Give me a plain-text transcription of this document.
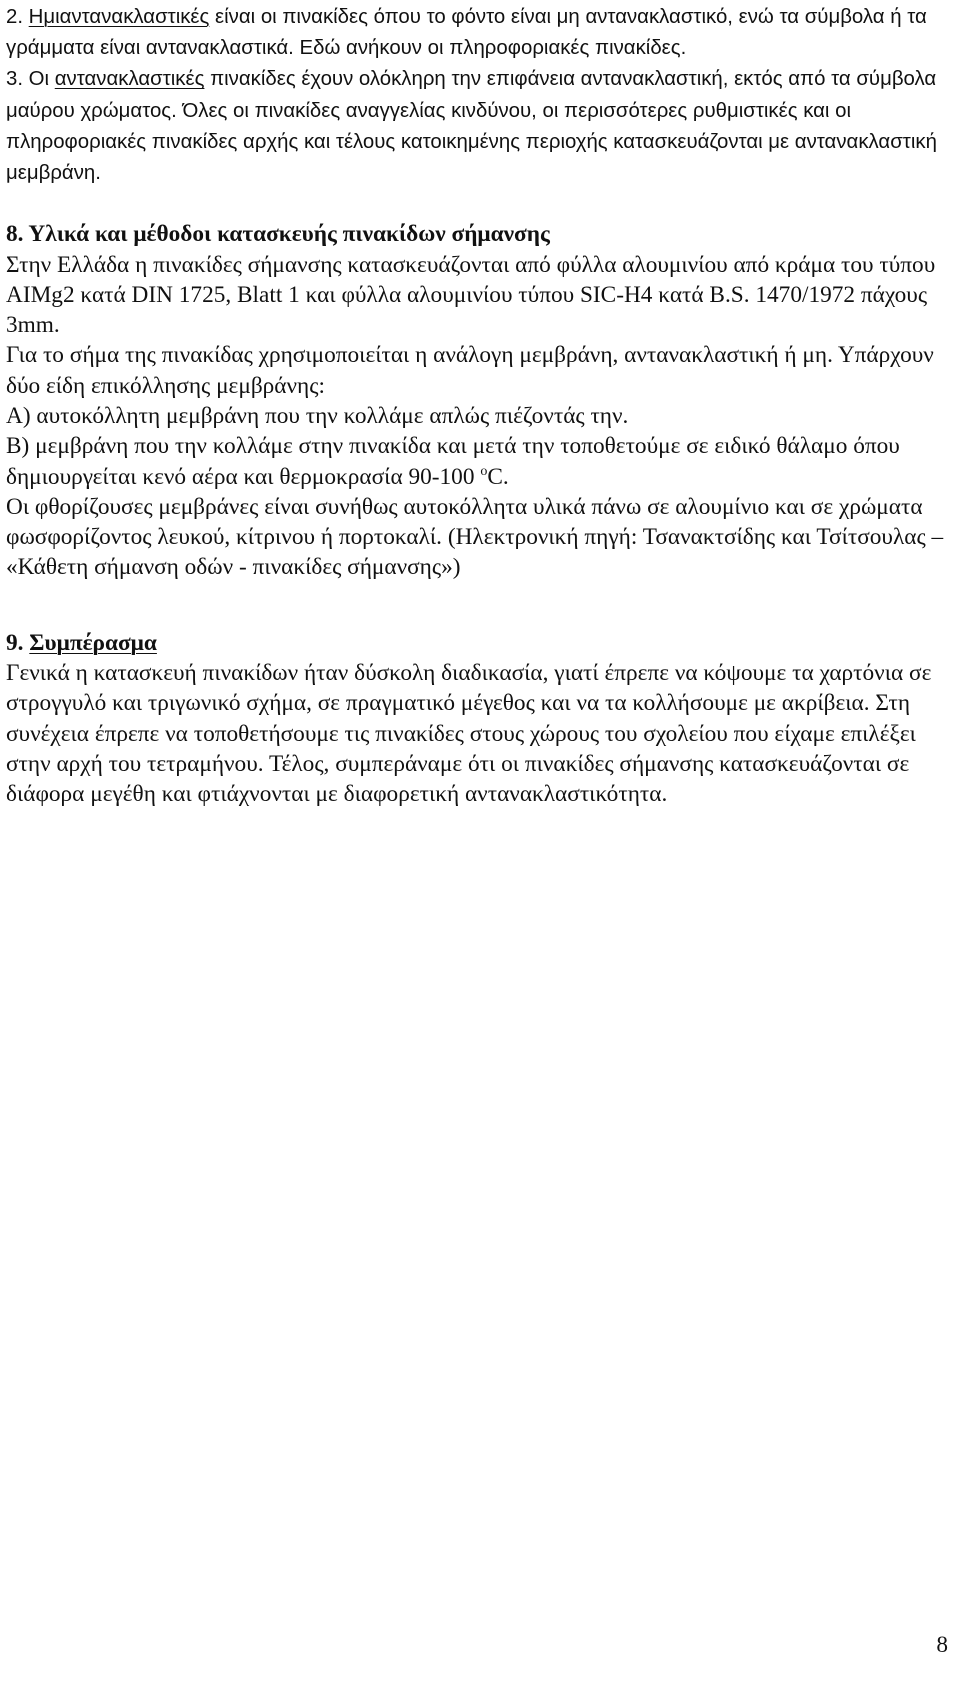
2. Ημιαντανακλαστικές είναι οι πινακίδες όπου το φόντο είναι μη αντανακλαστικό, ενώ τα σύμβολα ή τα γράμματα είναι αντανακλαστικά. Εδώ ανήκουν οι πληροφοριακές πινακίδες.

3. Οι αντανακλαστικές πινακίδες έχουν ολόκληρη την επιφάνεια αντανακλαστική, εκτός από τα σύμβολα μαύρου χρώματος. Όλες οι πινακίδες αναγγελίας κινδύνου, οι περισσότερες ρυθμιστικές και οι πληροφοριακές πινακίδες αρχής και τέλους κατοικημένης περιοχής κατασκευάζονται με αντανακλαστική μεμβράνη.

8. Υλικά και μέθοδοι κατασκευής πινακίδων σήμανσης

Στην Ελλάδα η πινακίδες σήμανσης κατασκευάζονται από φύλλα αλουμινίου από κράμα του τύπου AIMg2 κατά DIN 1725, Blatt 1 και φύλλα αλουμινίου τύπου SIC-H4 κατά B.S. 1470/1972 πάχους 3mm.

Για το σήμα της πινακίδας χρησιμοποιείται η ανάλογη μεμβράνη, αντανακλαστική ή μη. Υπάρχουν δύο είδη επικόλλησης μεμβράνης:

Α) αυτοκόλλητη μεμβράνη που την κολλάμε απλώς πιέζοντάς την.

Β) μεμβράνη που την κολλάμε στην πινακίδα και μετά την τοποθετούμε σε ειδικό θάλαμο όπου δημιουργείται κενό αέρα και θερμοκρασία 90-100 $^o$C.

Οι φθορίζουσες μεμβράνες είναι συνήθως αυτοκόλλητα υλικά πάνω σε αλουμίνιο και σε χρώματα φωσφορίζοντος λευκού, κίτρινου ή πορτοκαλί. (Ηλεκτρονική πηγή: Τσανακτσίδης και Τσίτσουλας – «Κάθετη σήμανση οδών - πινακίδες σήμανσης»)

9. Συμπέρασμα

Γενικά η κατασκευή πινακίδων ήταν δύσκολη διαδικασία, γιατί έπρεπε να κόψουμε τα χαρτόνια σε στρογγυλό και τριγωνικό σχήμα, σε πραγματικό μέγεθος και να τα κολλήσουμε με ακρίβεια. Στη συνέχεια έπρεπε να τοποθετήσουμε τις πινακίδες στους χώρους του σχολείου που είχαμε επιλέξει στην αρχή του τετραμήνου. Τέλος, συμπεράναμε ότι οι πινακίδες σήμανσης κατασκευάζονται σε διάφορα μεγέθη και φτιάχνονται με διαφορετική αντανακλαστικότητα.

8
